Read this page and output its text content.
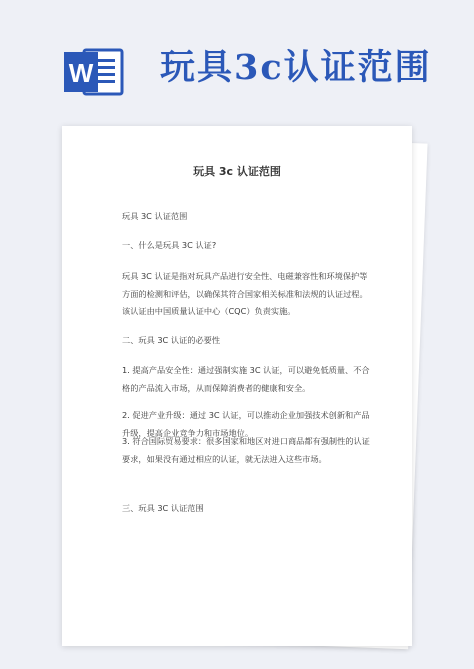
W 玩具3c认证范围
玩具 3c 认证范围

玩具 3C 认证范围

一、什么是玩具 3C 认证?

玩具 3C 认证是指对玩具产品进行安全性、电磁兼容性和环境保护等方面的检测和评估，以确保其符合国家相关标准和法规的认证过程。该认证由中国质量认证中心（CQC）负责实施。

二、玩具 3C 认证的必要性

1. 提高产品安全性：通过强制实施 3C 认证，可以避免低质量、不合格的产品流入市场，从而保障消费者的健康和安全。

2. 促进产业升级：通过 3C 认证，可以推动企业加强技术创新和产品升级，提高企业竞争力和市场地位。

3. 符合国际贸易要求：很多国家和地区对进口商品都有强制性的认证要求，如果没有通过相应的认证，就无法进入这些市场。

三、玩具 3C 认证范围
